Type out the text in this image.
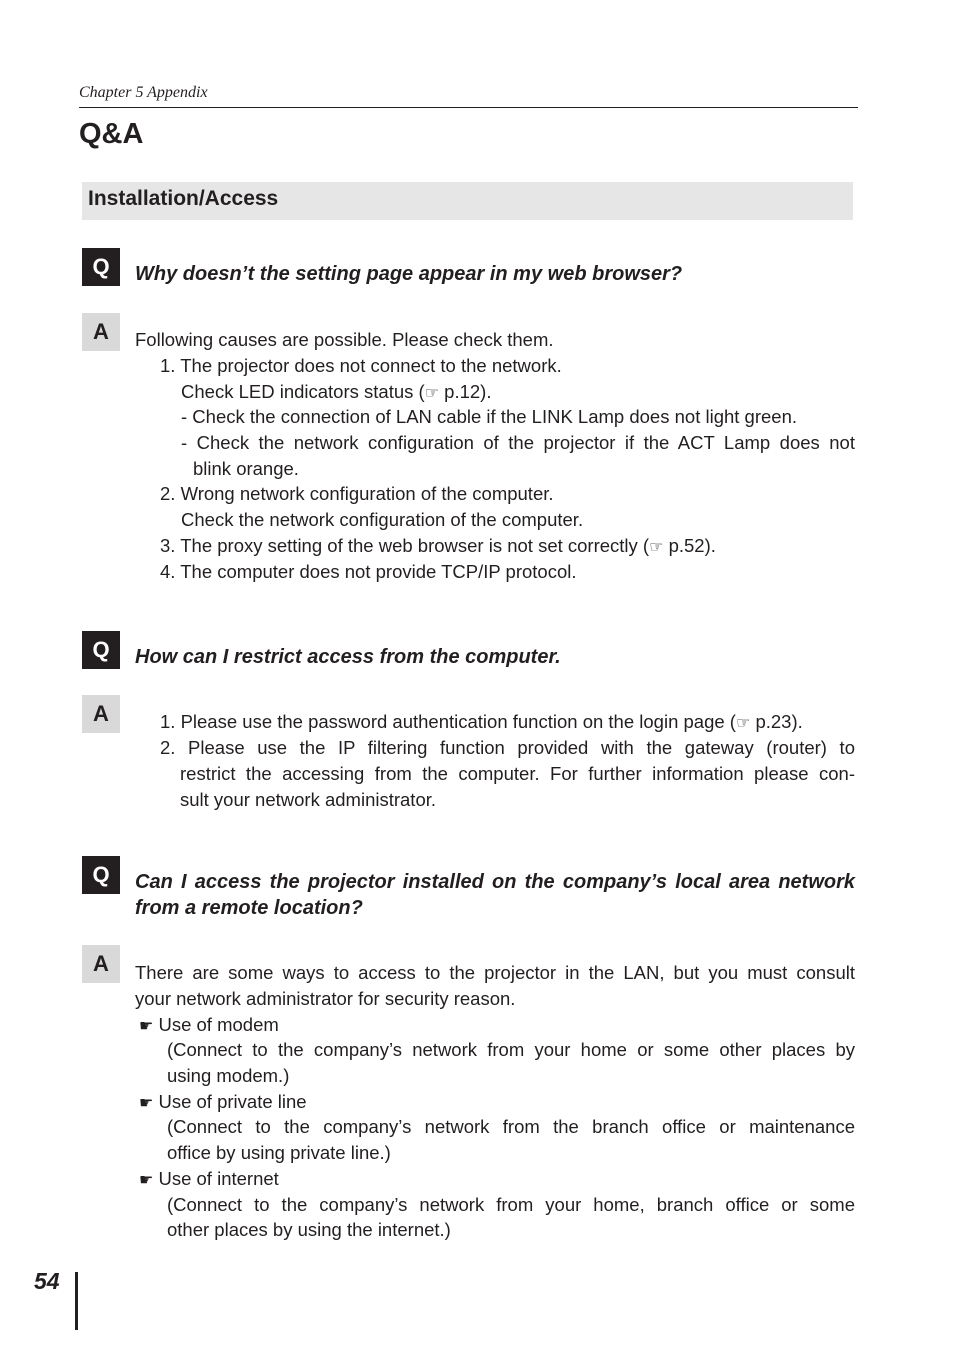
Chapter 5 Appendix
Q&A
Installation/Access
Q	Why doesn’t the setting page appear in my web browser?
A	Following causes are possible. Please check them.
1. The projector does not connect to the network.
Check LED indicators status (☞ p.12).
- Check the connection of LAN cable if the LINK Lamp does not light green.
- Check the network configuration of the projector if the ACT Lamp does not
blink orange.
2. Wrong network configuration of the computer.
Check the network configuration of the computer.
3. The proxy setting of the web browser is not set correctly (☞ p.52).
4. The computer does not provide TCP/IP protocol.
Q	How can I restrict access from the computer.
A	1. Please use the password authentication function on the login page (☞ p.23).
2. Please use the IP filtering function provided with the gateway (router) to
restrict the accessing from the computer. For further information please con-
sult your network administrator.
Q	Can I access the projector installed on the company’s local area network
from a remote location?
A	There are some ways to access to the projector in the LAN, but you must consult
your network administrator for security reason.
☛ Use of modem
(Connect to the company’s network from your home or some other places by
using modem.)
☛ Use of private line
(Connect to the company’s network from the branch office or maintenance
office by using private line.)
☛ Use of internet
(Connect to the company’s network from your home, branch office or some
other places by using the internet.)
54
